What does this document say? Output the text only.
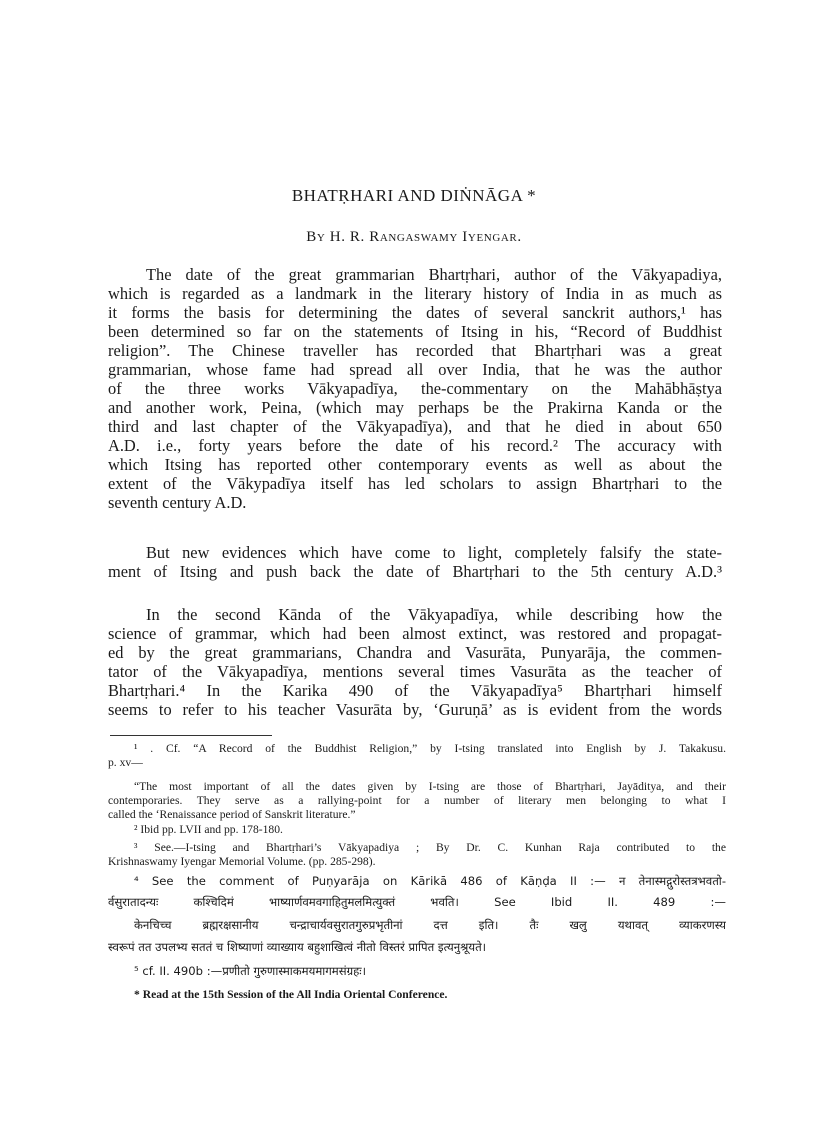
BHATṚHARI AND DIṄNĀGA *
By H. R. Rangaswamy Iyengar.
The date of the great grammarian Bhartṛhari, author of the Vākyapadiya,
which is regarded as a landmark in the literary history of India in as much as
it forms the basis for determining the dates of several sanckrit authors,¹ has
been determined so far on the statements of Itsing in his, “Record of Buddhist
religion”. The Chinese traveller has recorded that Bhartṛhari was a great
grammarian, whose fame had spread all over India, that he was the author
of the three works Vākyapadīya, the-commentary on the Mahābhāṣtya
and another work, Peina, (which may perhaps be the Prakirna Kanda or the
third and last chapter of the Vākyapadīya), and that he died in about 650
A.D. i.e., forty years before the date of his record.² The accuracy with
which Itsing has reported other contemporary events as well as about the
extent of the Vākypadīya itself has led scholars to assign Bhartṛhari to the
seventh century A.D.
But new evidences which have come to light, completely falsify the state-
ment of Itsing and push back the date of Bhartṛhari to the 5th century A.D.³
In the second Kānda of the Vākyapadīya, while describing how the
science of grammar, which had been almost extinct, was restored and propagat-
ed by the great grammarians, Chandra and Vasurāta, Punyarāja, the commen-
tator of the Vākyapadīya, mentions several times Vasurāta as the teacher of
Bhartṛhari.⁴ In the Karika 490 of the Vākyapadīya⁵ Bhartṛhari himself
seems to refer to his teacher Vasurāta by, ‘Guruṇā’ as is evident from the words
¹ . Cf. “A Record of the Buddhist Religion,” by I-tsing translated into English by J. Takakusu.
p. xv—
“The most important of all the dates given by I-tsing are those of Bhartṛhari, Jayāditya, and their
contemporaries. They serve as a rallying-point for a number of literary men belonging to what I
called the ‘Renaissance period of Sanskrit literature.”
² Ibid pp. LVII and pp. 178-180.
³ See.—I-tsing and Bhartṛhari’s Vākyapadiya ; By Dr. C. Kunhan Raja contributed to the
Krishnaswamy Iyengar Memorial Volume. (pp. 285-298).
⁴ See the comment of Puṇyarāja on Kārikā 486 of Kāṇḍa II :— न तेनास्मद्गुरोस्तत्रभवतो-
र्वसुरातादन्यः कश्चिदिमं भाष्यार्णवमवगाहितुमलमित्युक्तं भवति। See Ibid II. 489 :—
केनचिच्च ब्रह्मरक्षसानीय चन्द्राचार्यवसुरातगुरुप्रभृतीनां दत्त इति। तैः खलु यथावत् व्याकरणस्य
स्वरूपं तत उपलभ्य सततं च शिष्याणां व्याख्याय बहुशाखित्वं नीतो विस्तरं प्रापित इत्यनुश्रूयते।
⁵ cf. II. 490b :—प्रणीतो गुरुणास्माकमयमागमसंग्रहः।
* Read at the 15th Session of the All India Oriental Conference.
